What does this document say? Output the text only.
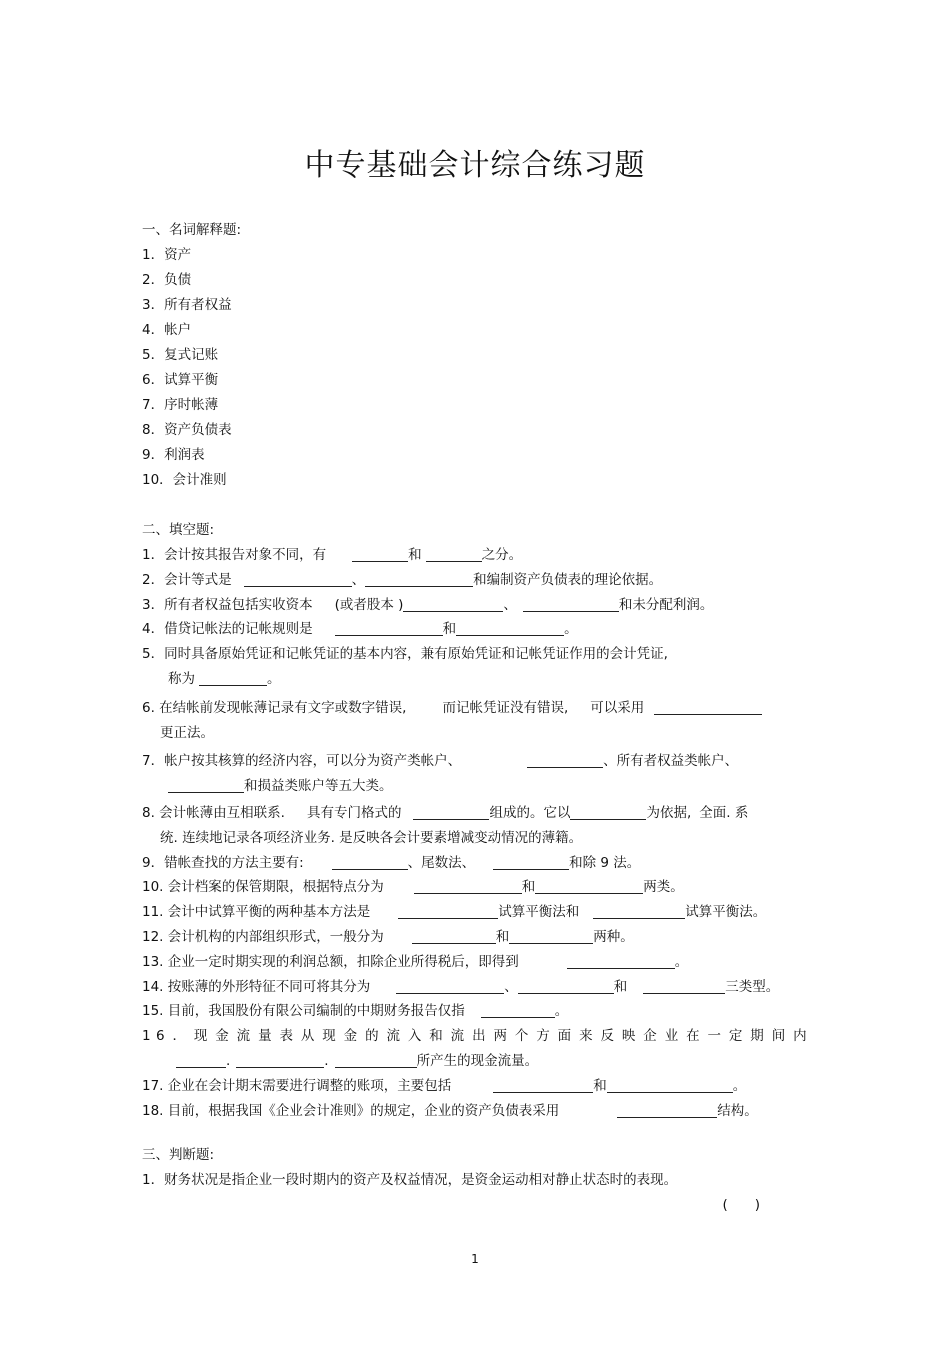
中专基础会计综合练习题
一、名词解释题:
1．资产
2．负债
3．所有者权益
4．帐户
5．复式记账
6．试算平衡
7．序时帐薄
8．资产负债表
9．利润表
10．会计准则
二、填空题:
1．会计按其报告对象不同，有	和	之分。
2．会计等式是	、	和编制资产负债表的理论依据。
3．所有者权益包括实收资本 (或者股本 )	、	和未分配利润。
4．借贷记帐法的记帐规则是	和	。
5．同时具备原始凭证和记帐凭证的基本内容，兼有原始凭证和记帐凭证作用的会计凭证,
称为	。
6. 在结帐前发现帐薄记录有文字或数字错误,	而记帐凭证没有错误, 可以采用
更正法。
7．帐户按其核算的经济内容，可以分为资产类帐户、	、所有者权益类帐户、
和损益类账户等五大类。
8. 会计帐薄由互相联系. 具有专门格式的	组成的。它以	为依据, 全面. 系
统. 连续地记录各项经济业务. 是反映各会计要素增减变动情况的薄籍。
9．错帐查找的方法主要有:	、尾数法、	和除 9 法。
10. 会计档案的保管期限，根据特点分为	和	两类。
11. 会计中试算平衡的两种基本方法是	试算平衡法和	试算平衡法。
12. 会计机构的内部组织形式，一般分为	和	两种。
13. 企业一定时期实现的利润总额，扣除企业所得税后，即得到	。
14. 按账薄的外形特征不同可将其分为	、	和	三类型。
15. 目前，我国股份有限公司编制的中期财务报告仅指	。
16．现金流量表从现金的流入和流出两个方面来反映企业在一定期间内
.	.	所产生的现金流量。
17. 企业在会计期末需要进行调整的账项，主要包括	和	。
18. 目前，根据我国《企业会计准则》的规定，企业的资产负债表采用	结构。
三、判断题:
1．财务状况是指企业一段时期内的资产及权益情况，是资金运动相对静止状态时的表现。
(　　)
1
